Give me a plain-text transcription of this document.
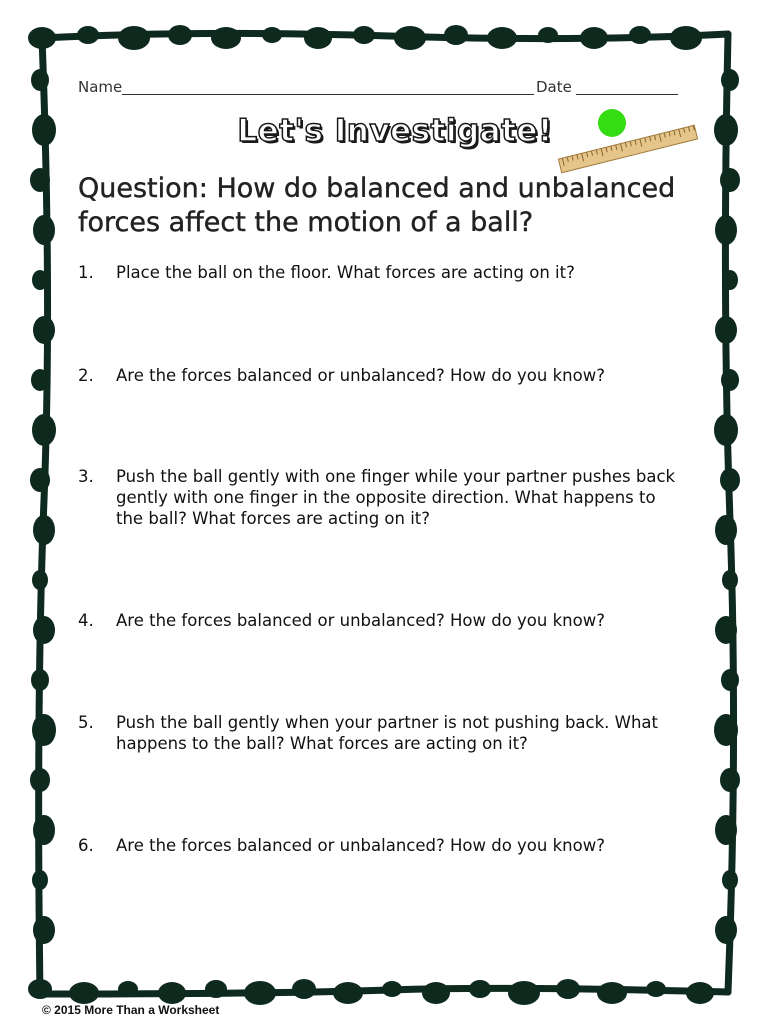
Name	Date
Let's Investigate!
Question: How do balanced and unbalanced forces affect the motion of a ball?
1.	Place the ball on the floor. What forces are acting on it?
2.	Are the forces balanced or unbalanced? How do you know?
3.	Push the ball gently with one finger while your partner pushes back gently with one finger in the opposite direction. What happens to the ball? What forces are acting on it?
4.	Are the forces balanced or unbalanced? How do you know?
5.	Push the ball gently when your partner is not pushing back. What happens to the ball? What forces are acting on it?
6.	Are the forces balanced or unbalanced? How do you know?
© 2015 More Than a Worksheet
